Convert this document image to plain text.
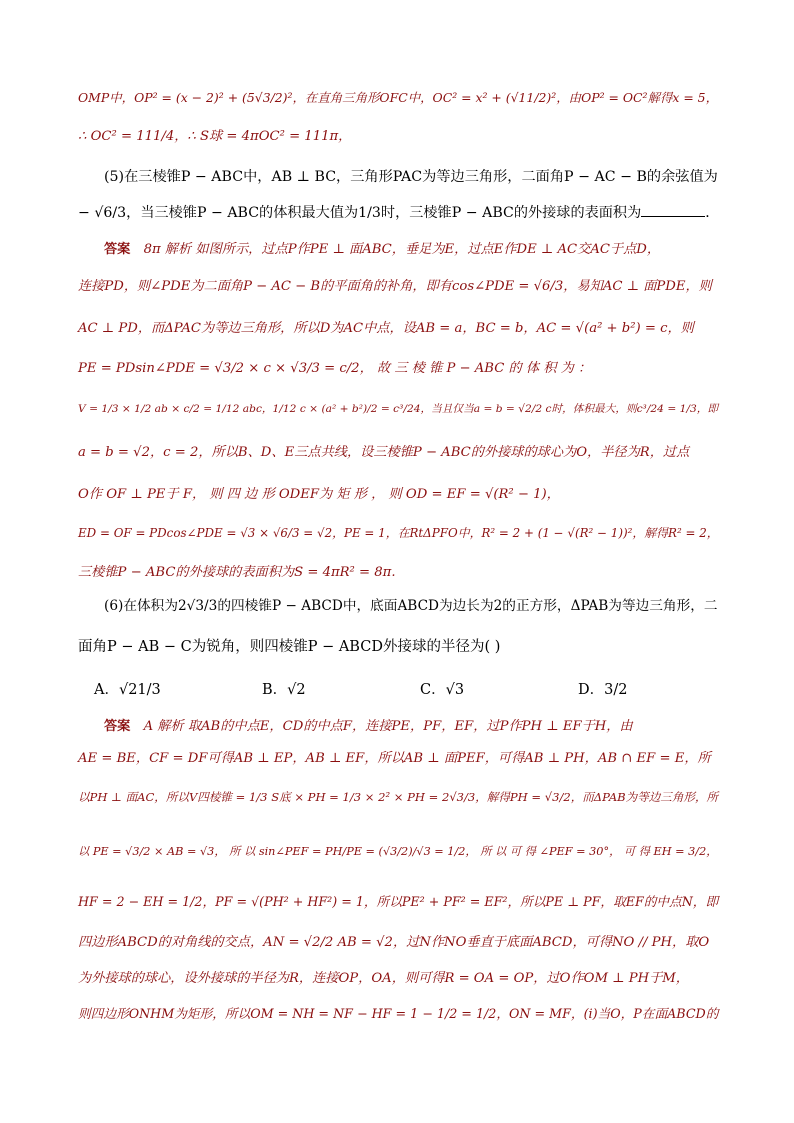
OMP中，OP² = (x − 2)² + (5√3/2)²，在直角三角形OFC中，OC² = x² + (√11/2)²，由OP² = OC²解得x = 5，
∴ OC² = 111/4，∴ S球 = 4πOC² = 111π，
(5)在三棱锥P − ABC中，AB ⊥ BC，三角形PAC为等边三角形，二面角P − AC − B的余弦值为
− √6/3，当三棱锥P − ABC的体积最大值为1/3时，三棱锥P − ABC的外接球的表面积为	．
答案　 8π 解析 如图所示，过点P作PE ⊥ 面ABC，垂足为E，过点E作DE ⊥ AC交AC于点D，
连接PD，则∠PDE为二面角P − AC − B的平面角的补角，即有cos∠PDE = √6/3，易知AC ⊥ 面PDE，则
AC ⊥ PD，而ΔPAC为等边三角形，所以D为AC中点，设AB = a，BC = b，AC = √(a² + b²) = c，则
PE = PDsin∠PDE = √3/2 × c × √3/3 = c/2， 故 三 棱 锥 P − ABC 的 体 积 为 ：
V = 1/3 × 1/2 ab × c/2 = 1/12 abc，1/12 c × (a² + b²)/2 = c³/24，当且仅当a = b = √2/2 c时，体积最大，则c³/24 = 1/3，即
a = b = √2，c = 2，所以B、D、E三点共线，设三棱锥P − ABC的外接球的球心为O，半径为R，过点
O作 OF ⊥ PE于 F， 则 四 边 形 ODEF为 矩 形 ， 则 OD = EF = √(R² − 1)，
ED = OF = PDcos∠PDE = √3 × √6/3 = √2，PE = 1，在RtΔPFO中，R² = 2 + (1 − √(R² − 1))²，解得R² = 2，
三棱锥P − ABC的外接球的表面积为S = 4πR² = 8π.
(6)在体积为2√3/3的四棱锥P − ABCD中，底面ABCD为边长为2的正方形，ΔPAB为等边三角形，二
面角P − AB − C为锐角，则四棱锥P − ABCD外接球的半径为( )
A．√21/3	B．√2	C．√3	D．3/2
答案　 A 解析 取AB的中点E，CD的中点F，连接PE，PF，EF，过P作PH ⊥ EF于H，由
AE = BE，CF = DF可得AB ⊥ EP，AB ⊥ EF，所以AB ⊥ 面PEF，可得AB ⊥ PH，AB ∩ EF = E，所
以PH ⊥ 面AC，所以V四棱锥 = 1/3 S底 × PH = 1/3 × 2² × PH = 2√3/3，解得PH = √3/2，而ΔPAB为等边三角形，所
以 PE = √3/2 × AB = √3， 所 以 sin∠PEF = PH/PE = (√3/2)/√3 = 1/2， 所 以 可 得 ∠PEF = 30°， 可 得 EH = 3/2，
HF = 2 − EH = 1/2，PF = √(PH² + HF²) = 1，所以PE² + PF² = EF²，所以PE ⊥ PF，取EF的中点N，即
四边形ABCD的对角线的交点，AN = √2/2 AB = √2，过N作NO垂直于底面ABCD，可得NO // PH，取O
为外接球的球心，设外接球的半径为R，连接OP，OA，则可得R = OA = OP，过O作OM ⊥ PH于M，
则四边形ONHM为矩形，所以OM = NH = NF − HF = 1 − 1/2 = 1/2，ON = MF，(i)当O，P在面ABCD的
